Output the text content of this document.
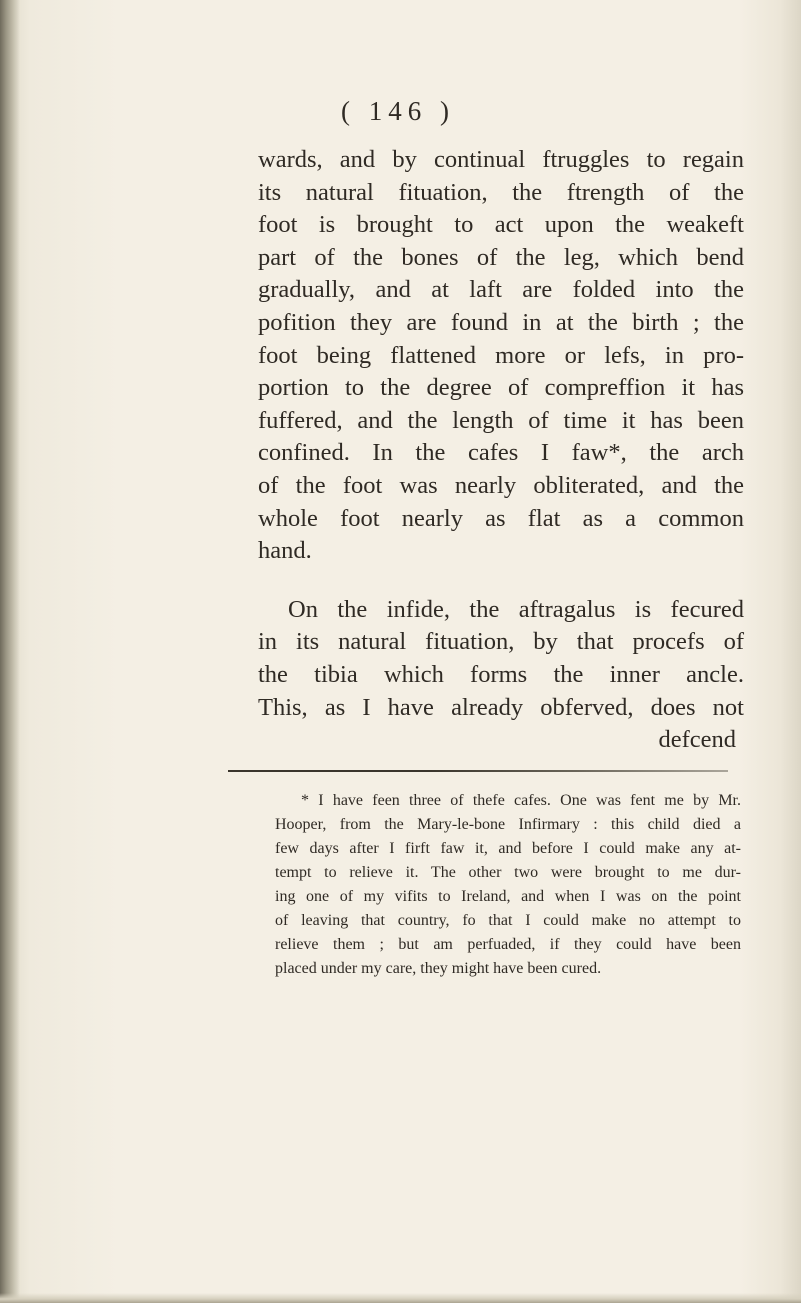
( 146 )
wards, and by continual ftruggles to regain
its natural fituation, the ftrength of the
foot is brought to act upon the weakeft
part of the bones of the leg, which bend
gradually, and at laft are folded into the
pofition they are found in at the birth ; the
foot being flattened more or lefs, in pro-
portion to the degree of compreffion it has
fuffered, and the length of time it has been
confined. In the cafes I faw*, the arch
of the foot was nearly obliterated, and the
whole foot nearly as flat as a common
hand.
On the infide, the aftragalus is fecured
in its natural fituation, by that procefs of
the tibia which forms the inner ancle.
This, as I have already obferved, does not
defcend
* I have feen three of thefe cafes. One was fent me by Mr.
Hooper, from the Mary-le-bone Infirmary : this child died a
few days after I firft faw it, and before I could make any at-
tempt to relieve it. The other two were brought to me dur-
ing one of my vifits to Ireland, and when I was on the point
of leaving that country, fo that I could make no attempt to
relieve them ; but am perfuaded, if they could have been
placed under my care, they might have been cured.
